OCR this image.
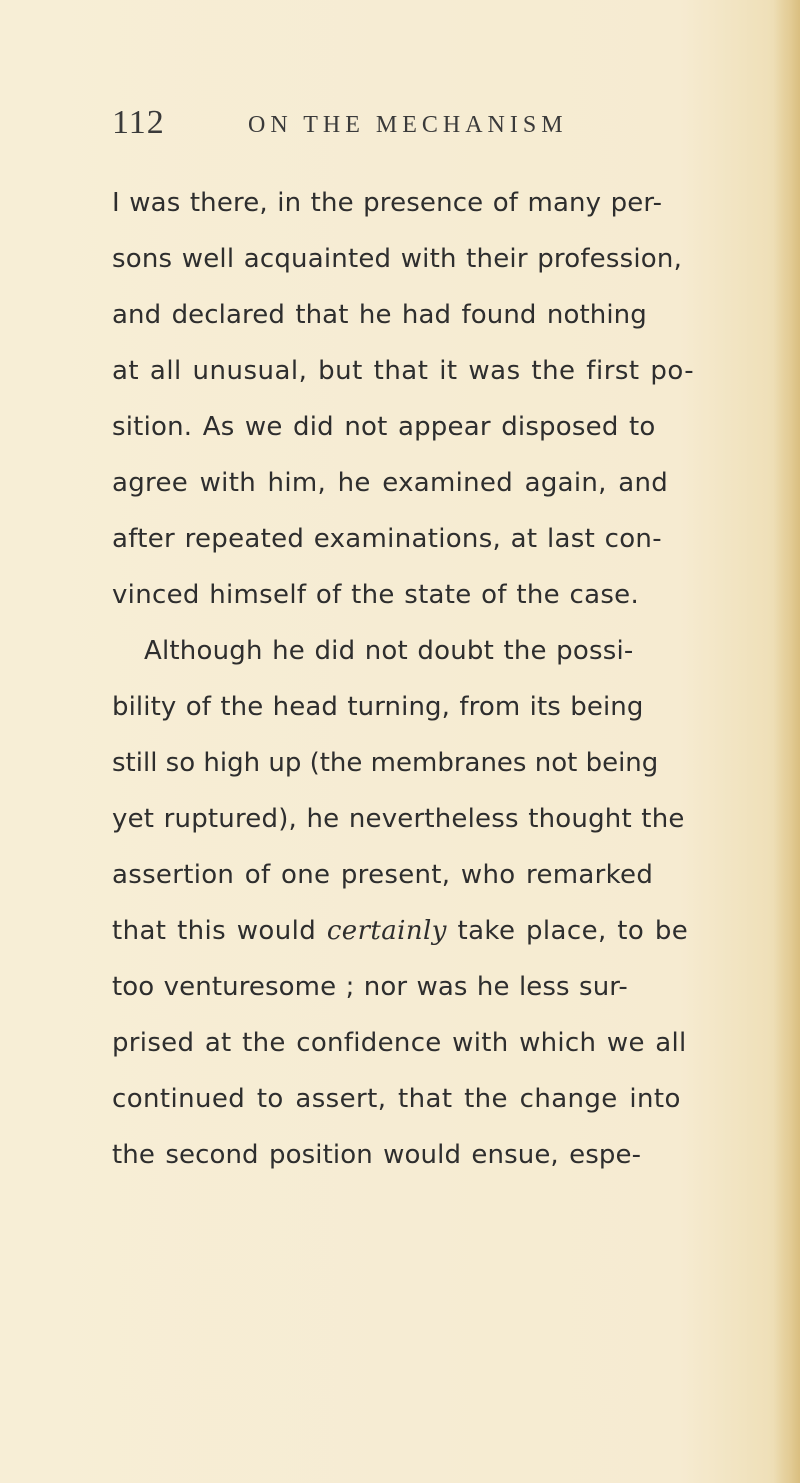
112	ON THE MECHANISM
I was there, in the presence of many per-
sons well acquainted with their profession,
and declared that he had found nothing
at all unusual, but that it was the first po-
sition. As we did not appear disposed to
agree with him, he examined again, and
after repeated examinations, at last con-
vinced himself of the state of the case.
Although he did not doubt the possi-
bility of the head turning, from its being
still so high up (the membranes not being
yet ruptured), he nevertheless thought the
assertion of one present, who remarked
that this would certainly take place, to be
too venturesome ; nor was he less sur-
prised at the confidence with which we all
continued to assert, that the change into
the second position would ensue, espe-
